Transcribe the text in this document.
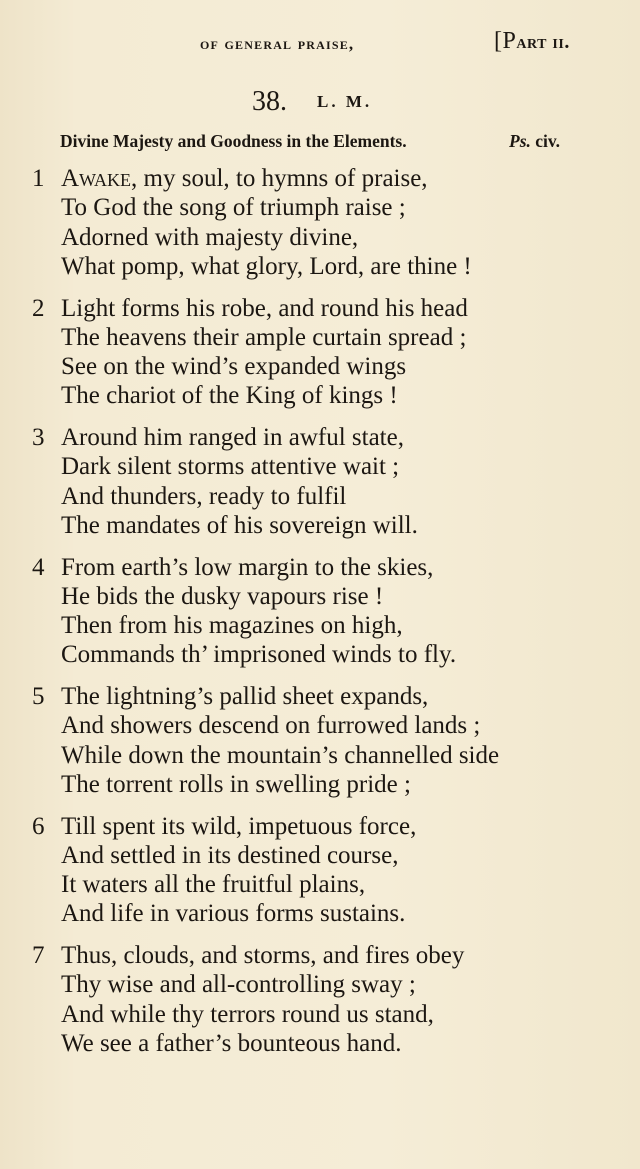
of general praise,	[Part ii.
38. L. M.
Divine Majesty and Goodness in the Elements.	Ps. civ.
1 Awake, my soul, to hymns of praise,
To God the song of triumph raise ;
Adorned with majesty divine,
What pomp, what glory, Lord, are thine !
2 Light forms his robe, and round his head
The heavens their ample curtain spread ;
See on the wind’s expanded wings
The chariot of the King of kings !
3 Around him ranged in awful state,
Dark silent storms attentive wait ;
And thunders, ready to fulfil
The mandates of his sovereign will.
4 From earth’s low margin to the skies,
He bids the dusky vapours rise !
Then from his magazines on high,
Commands th’ imprisoned winds to fly.
5 The lightning’s pallid sheet expands,
And showers descend on furrowed lands ;
While down the mountain’s channelled side
The torrent rolls in swelling pride ;
6 Till spent its wild, impetuous force,
And settled in its destined course,
It waters all the fruitful plains,
And life in various forms sustains.
7 Thus, clouds, and storms, and fires obey
Thy wise and all-controlling sway ;
And while thy terrors round us stand,
We see a father’s bounteous hand.
